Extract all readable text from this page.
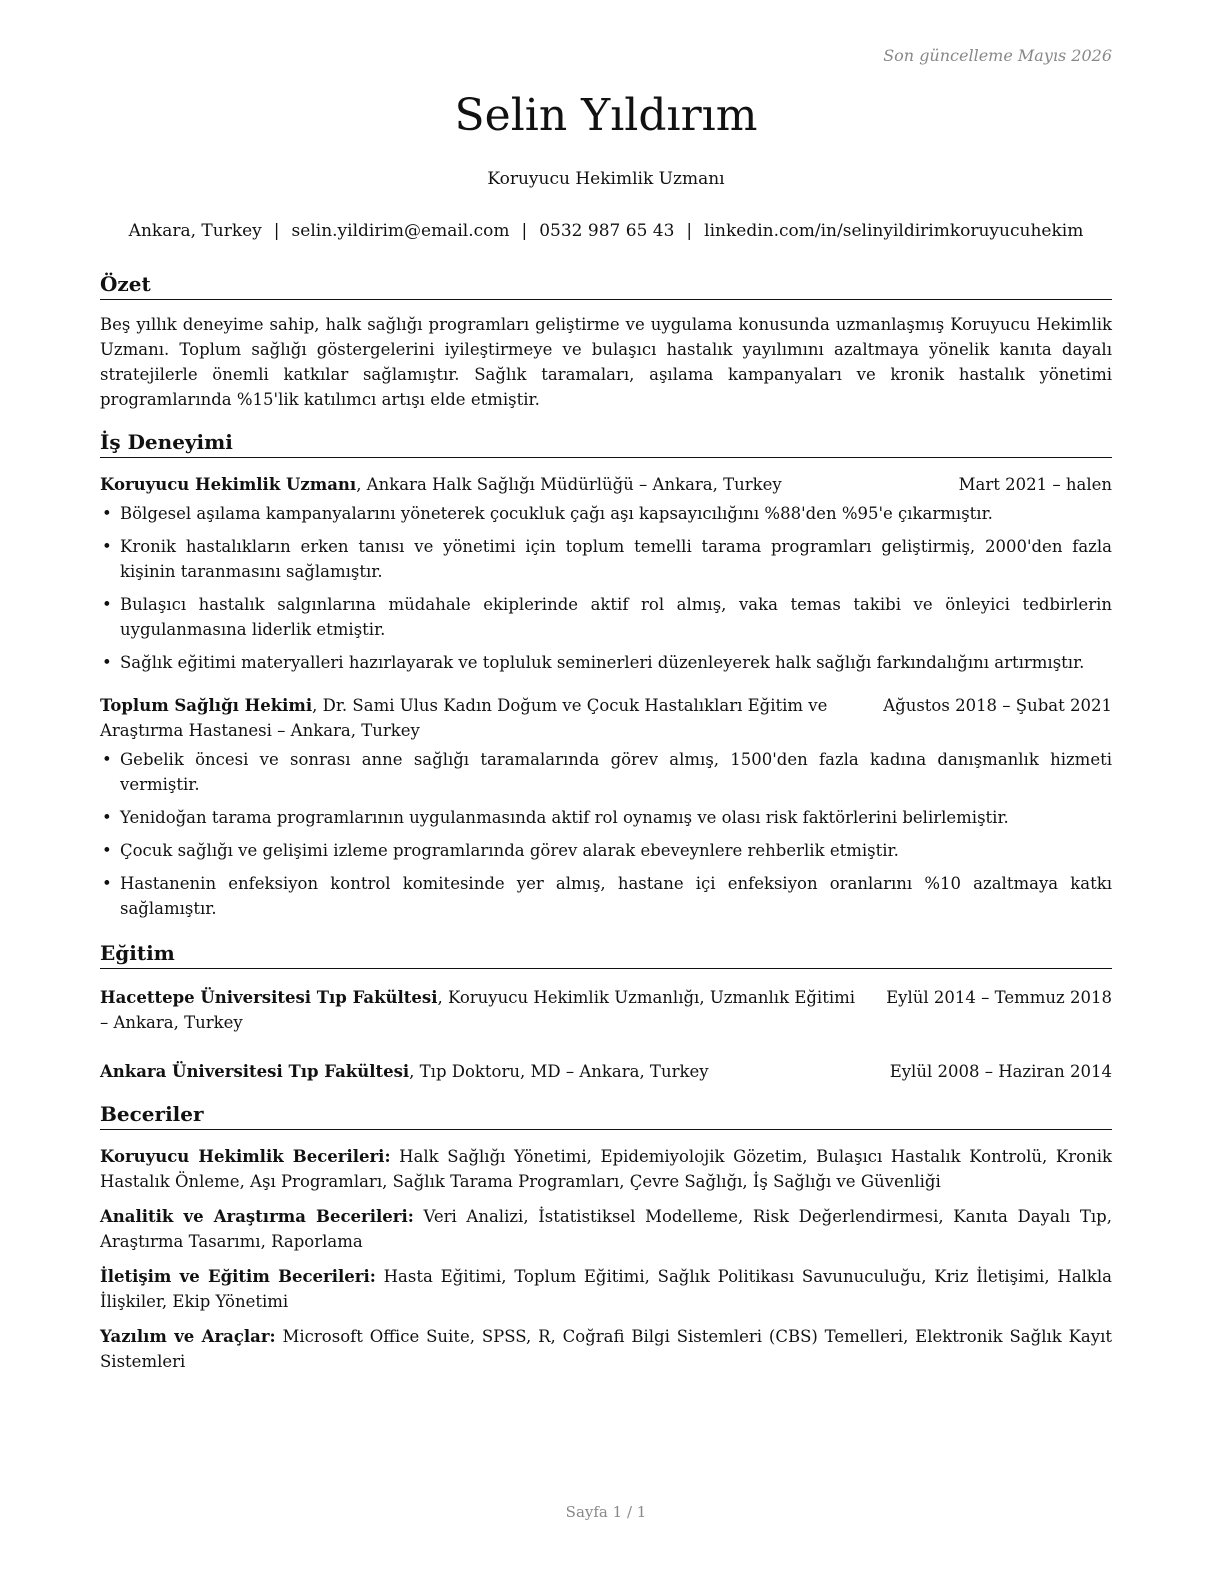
Son güncelleme Mayıs 2026
Selin Yıldırım
Koruyucu Hekimlik Uzmanı
Ankara, Turkey | selin.yildirim@email.com | 0532 987 65 43 | linkedin.com/in/selinyildirimkoruyucuhekim
Özet

Beş yıllık deneyime sahip, halk sağlığı programları geliştirme ve uygulama konusunda uzmanlaşmış Koruyucu Hekimlik Uzmanı. Toplum sağlığı göstergelerini iyileştirmeye ve bulaşıcı hastalık yayılımını azaltmaya yönelik kanıta dayalı stratejilerle önemli katkılar sağlamıştır. Sağlık taramaları, aşılama kampanyaları ve kronik hastalık yönetimi programlarında %15'lik katılımcı artışı elde etmiştir.

İş Deneyimi
Koruyucu Hekimlik Uzmanı, Ankara Halk Sağlığı Müdürlüğü – Ankara, Turkey	Mart 2021 – halen
• Bölgesel aşılama kampanyalarını yöneterek çocukluk çağı aşı kapsayıcılığını %88'den %95'e çıkarmıştır.
• Kronik hastalıkların erken tanısı ve yönetimi için toplum temelli tarama programları geliştirmiş, 2000'den fazla kişinin taranmasını sağlamıştır.
• Bulaşıcı hastalık salgınlarına müdahale ekiplerinde aktif rol almış, vaka temas takibi ve önleyici tedbirlerin uygulanmasına liderlik etmiştir.
• Sağlık eğitimi materyalleri hazırlayarak ve topluluk seminerleri düzenleyerek halk sağlığı farkındalığını artırmıştır.
Toplum Sağlığı Hekimi, Dr. Sami Ulus Kadın Doğum ve Çocuk Hastalıkları Eğitim ve Araştırma Hastanesi – Ankara, Turkey
Ağustos 2018 – Şubat 2021
• Gebelik öncesi ve sonrası anne sağlığı taramalarında görev almış, 1500'den fazla kadına danışmanlık hizmeti vermiştir.
• Yenidoğan tarama programlarının uygulanmasında aktif rol oynamış ve olası risk faktörlerini belirlemiştir.
• Çocuk sağlığı ve gelişimi izleme programlarında görev alarak ebeveynlere rehberlik etmiştir.
• Hastanenin enfeksiyon kontrol komitesinde yer almış, hastane içi enfeksiyon oranlarını %10 azaltmaya katkı sağlamıştır.
Eğitim
Hacettepe Üniversitesi Tıp Fakültesi, Koruyucu Hekimlik Uzmanlığı, Uzmanlık Eğitimi – Ankara, Turkey
Eylül 2014 – Temmuz 2018
Ankara Üniversitesi Tıp Fakültesi, Tıp Doktoru, MD – Ankara, Turkey	Eylül 2008 – Haziran 2014
Beceriler
Koruyucu Hekimlik Becerileri: Halk Sağlığı Yönetimi, Epidemiyolojik Gözetim, Bulaşıcı Hastalık Kontrolü, Kronik Hastalık Önleme, Aşı Programları, Sağlık Tarama Programları, Çevre Sağlığı, İş Sağlığı ve Güvenliği
Analitik ve Araştırma Becerileri: Veri Analizi, İstatistiksel Modelleme, Risk Değerlendirmesi, Kanıta Dayalı Tıp, Araştırma Tasarımı, Raporlama
İletişim ve Eğitim Becerileri: Hasta Eğitimi, Toplum Eğitimi, Sağlık Politikası Savunuculuğu, Kriz İletişimi, Halkla İlişkiler, Ekip Yönetimi
Yazılım ve Araçlar: Microsoft Office Suite, SPSS, R, Coğrafi Bilgi Sistemleri (CBS) Temelleri, Elektronik Sağlık Kayıt Sistemleri
Sayfa 1 / 1
